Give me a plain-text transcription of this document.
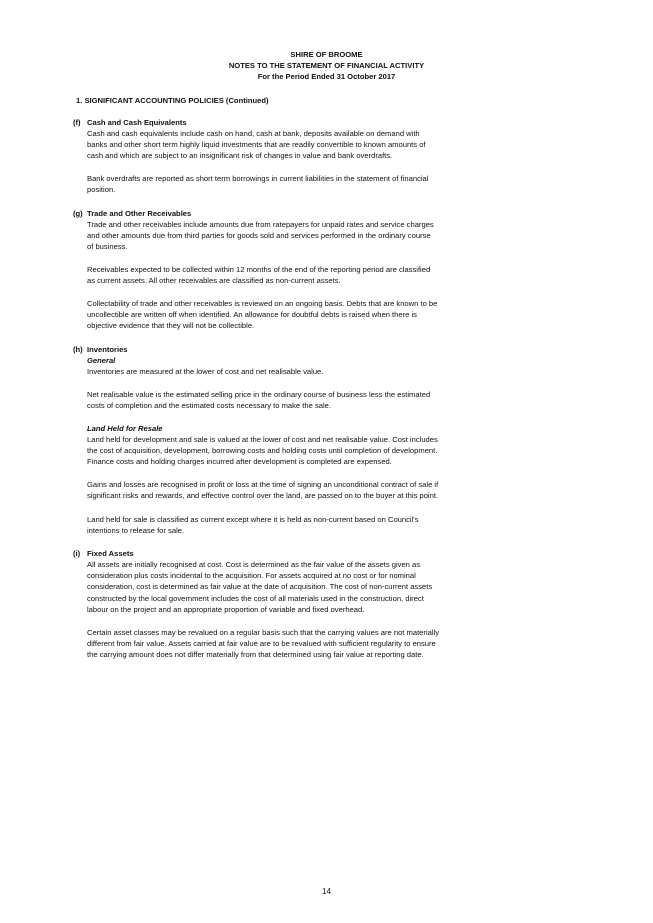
SHIRE OF BROOME
NOTES TO THE STATEMENT OF FINANCIAL ACTIVITY
For the Period Ended 31 October 2017
1. SIGNIFICANT ACCOUNTING POLICIES (Continued)
(f) Cash and Cash Equivalents
Cash and cash equivalents include cash on hand, cash at bank, deposits available on demand with
banks and other short term highly liquid investments that are readily convertible to known amounts of
cash and which are subject to an insignificant risk of changes in value and bank overdrafts.
Bank overdrafts are reported as short term borrowings in current liabilities in the statement of financial
position.
(g) Trade and Other Receivables
Trade and other receivables include amounts due from ratepayers for unpaid rates and service charges
and other amounts due from third parties for goods sold and services performed in the ordinary course
of business.
Receivables expected to be collected within 12 months of the end of the reporting period are classified
as current assets. All other receivables are classified as non-current assets.
Collectability of trade and other receivables is reviewed on an ongoing basis. Debts that are known to be
uncollectible are written off when identified. An allowance for doubtful debts is raised when there is
objective evidence that they will not be collectible.
(h) Inventories
General
Inventories are measured at the lower of cost and net realisable value.
Net realisable value is the estimated selling price in the ordinary course of business less the estimated
costs of completion and the estimated costs necessary to make the sale.
Land Held for Resale
Land held for development and sale is valued at the lower of cost and net realisable value. Cost includes
the cost of acquisition, development, borrowing costs and holding costs until completion of development.
Finance costs and holding charges incurred after development is completed are expensed.
Gains and losses are recognised in profit or loss at the time of signing an unconditional contract of sale if
significant risks and rewards, and effective control over the land, are passed on to the buyer at this point.
Land held for sale is classified as current except where it is held as non-current based on Council's
intentions to release for sale.
(i) Fixed Assets
All assets are initially recognised at cost. Cost is determined as the fair value of the assets given as
consideration plus costs incidental to the acquisition. For assets acquired at no cost or for nominal
consideration, cost is determined as fair value at the date of acquisition. The cost of non-current assets
constructed by the local government includes the cost of all materials used in the construction, direct
labour on the project and an appropriate proportion of variable and fixed overhead.
Certain asset classes may be revalued on a regular basis such that the carrying values are not materially
different from fair value. Assets carried at fair value are to be revalued with sufficient regularity to ensure
the carrying amount does not differ materially from that determined using fair value at reporting date.
14
